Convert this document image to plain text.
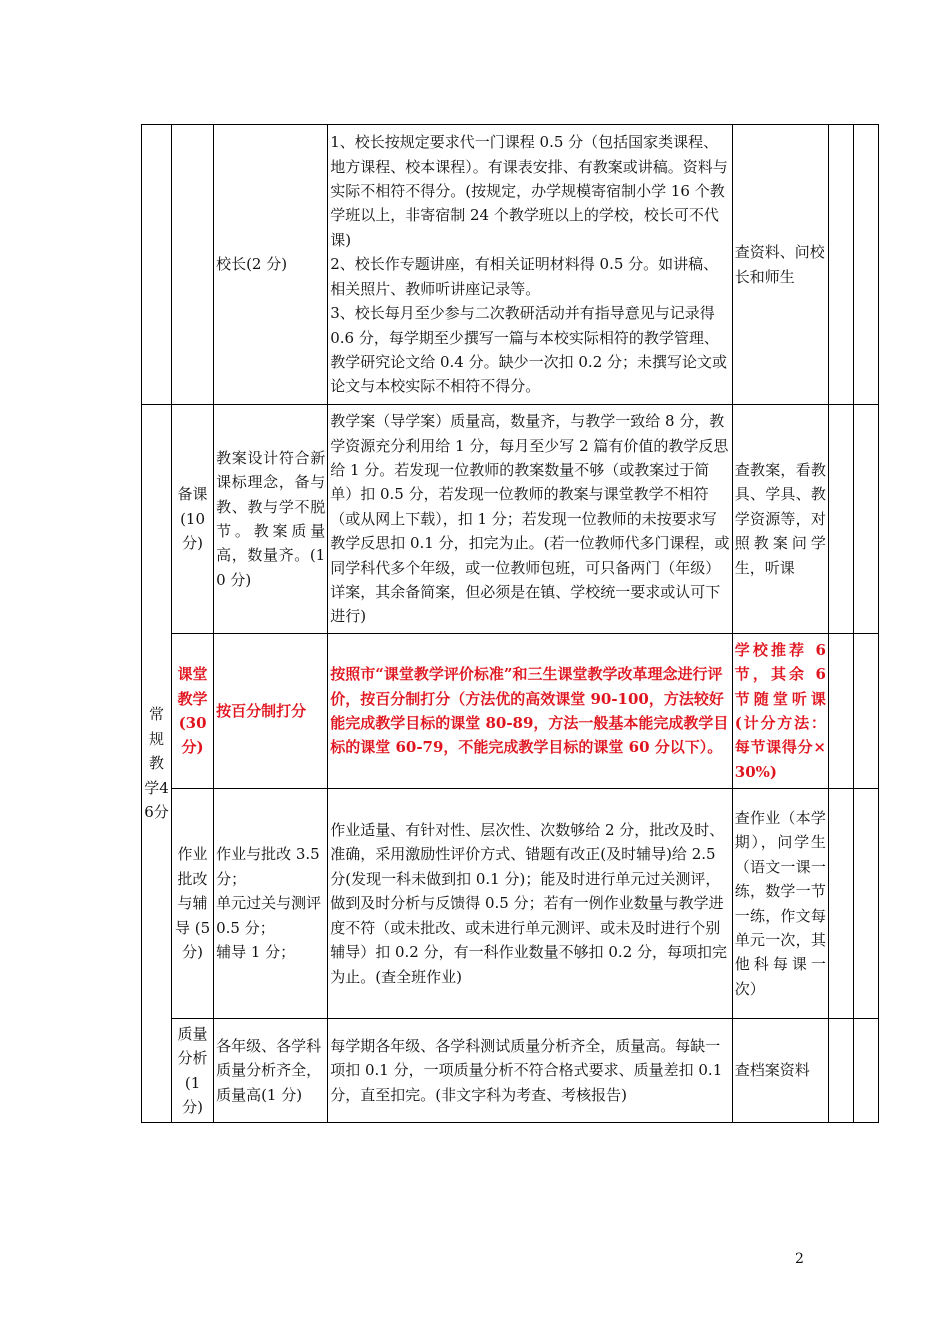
		校长(2 分)	1、校长按规定要求代一门课程 0.5 分（包括国家类课程、地方课程、校本课程）。有课表安排、有教案或讲稿。资料与实际不相符不得分。(按规定，办学规模寄宿制小学 16 个教学班以上，非寄宿制 24 个教学班以上的学校，校长可不代课)
2、校长作专题讲座，有相关证明材料得 0.5 分。如讲稿、相关照片、教师听讲座记录等。
3、校长每月至少参与二次教研活动并有指导意见与记录得 0.6 分，每学期至少撰写一篇与本校实际相符的教学管理、教学研究论文给 0.4 分。缺少一次扣 0.2 分；未撰写论文或论文与本校实际不相符不得分。	查资料、问校长和师生		
常规教学46分	备课(10 分)	教案设计符合新课标理念，备与教、教与学不脱节。教案质量高，数量齐。(10 分)	教学案（导学案）质量高，数量齐，与教学一致给 8 分，教学资源充分利用给 1 分，每月至少写 2 篇有价值的教学反思给 1 分。若发现一位教师的教案数量不够（或教案过于简单）扣 0.5 分，若发现一位教师的教案与课堂教学不相符（或从网上下载），扣 1 分；若发现一位教师的未按要求写教学反思扣 0.1 分，扣完为止。(若一位教师代多门课程，或同学科代多个年级，或一位教师包班，可只备两门（年级）详案，其余备简案，但必须是在镇、学校统一要求或认可下进行)	查教案，看教具、学具、教学资源等，对照教案问学生，听课		
	课堂教学(30 分)	按百分制打分	按照市“课堂教学评价标准”和三生课堂教学改革理念进行评价，按百分制打分（方法优的高效课堂 90-100，方法较好能完成教学目标的课堂 80-89，方法一般基本能完成教学目标的课堂 60-79，不能完成教学目标的课堂 60 分以下）。	学校推荐 6 节，其余 6 节随堂听课(计分方法：每节课得分×30%)		
	作业批改与辅导 (5 分)	作业与批改 3.5 分；
单元过关与测评 0.5 分；
辅导 1 分；	作业适量、有针对性、层次性、次数够给 2 分，批改及时、准确，采用激励性评价方式、错题有改正(及时辅导)给 2.5 分(发现一科未做到扣 0.1 分)；能及时进行单元过关测评，做到及时分析与反馈得 0.5 分；若有一例作业数量与教学进度不符（或未批改、或未进行单元测评、或未及时进行个别辅导）扣 0.2 分，有一科作业数量不够扣 0.2 分，每项扣完为止。(查全班作业)	查作业（本学期），问学生（语文一课一练，数学一节一练，作文每单元一次，其他科每课一次）		
	质量分析(1 分)	各年级、各学科质量分析齐全，质量高(1 分)	每学期各年级、各学科测试质量分析齐全，质量高。每缺一项扣 0.1 分，一项质量分析不符合格式要求、质量差扣 0.1 分，直至扣完。(非文字科为考查、考核报告)	查档案资料		
2
